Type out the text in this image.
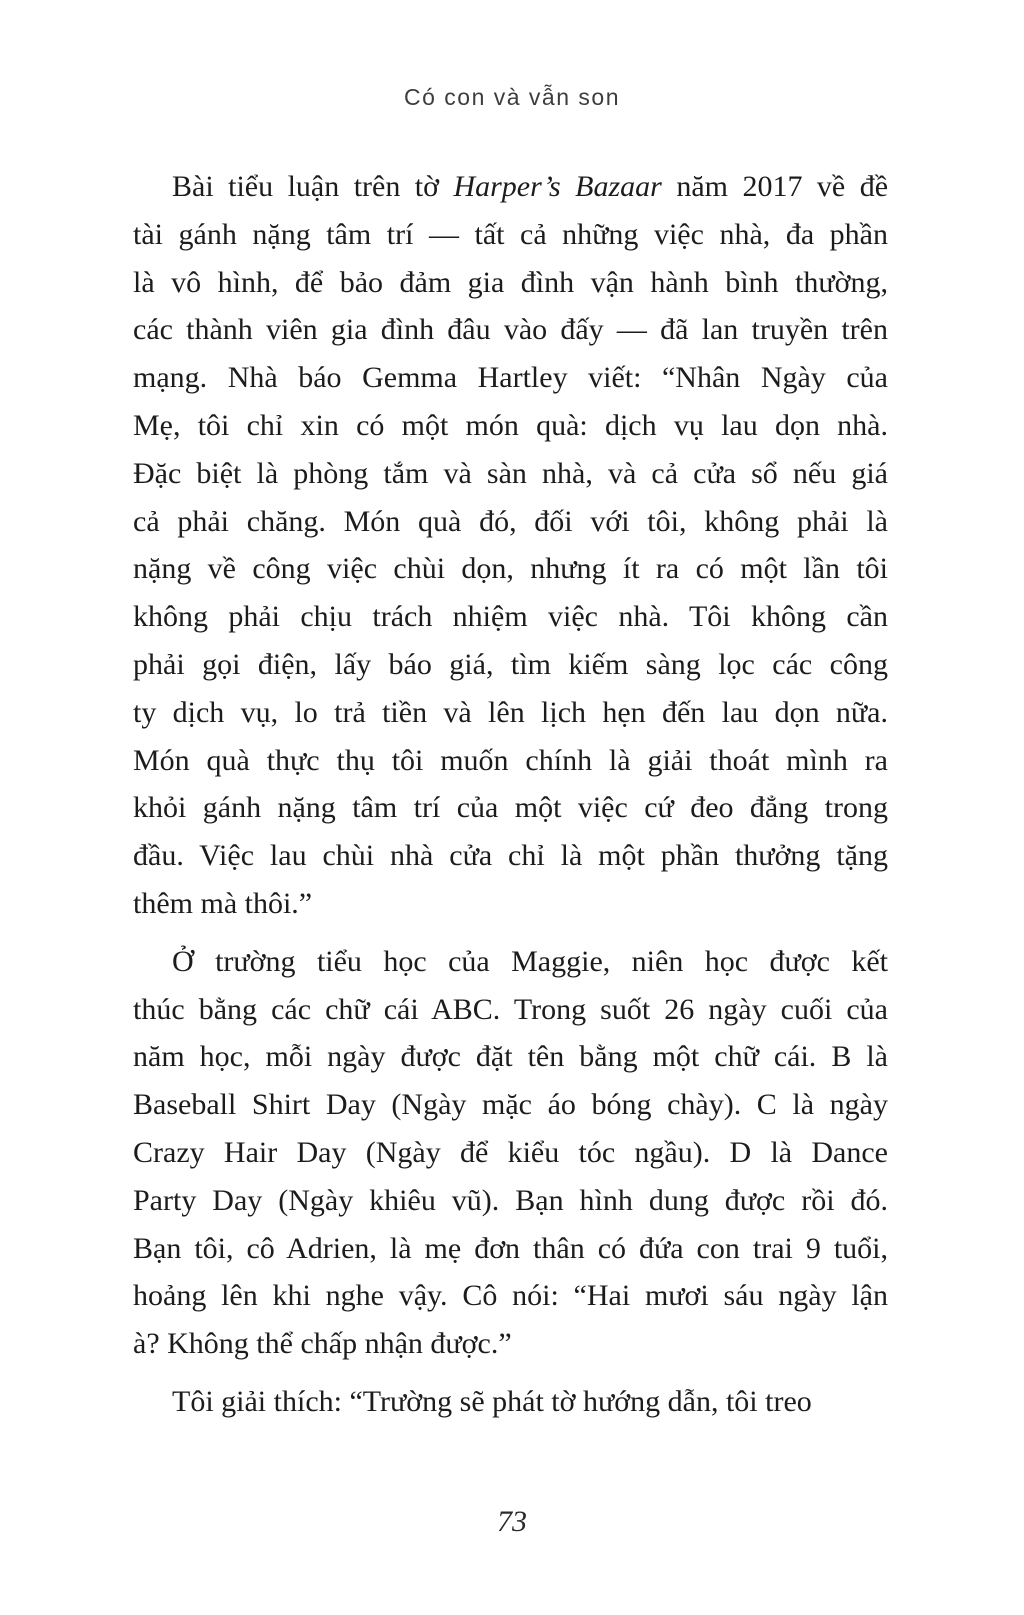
Có con và vẫn son
Bài tiểu luận trên tờ Harper’s Bazaar năm 2017 về đề
tài gánh nặng tâm trí — tất cả những việc nhà, đa phần
là vô hình, để bảo đảm gia đình vận hành bình thường,
các thành viên gia đình đâu vào đấy — đã lan truyền trên
mạng. Nhà báo Gemma Hartley viết: “Nhân Ngày của
Mẹ, tôi chỉ xin có một món quà: dịch vụ lau dọn nhà.
Đặc biệt là phòng tắm và sàn nhà, và cả cửa sổ nếu giá
cả phải chăng. Món quà đó, đối với tôi, không phải là
nặng về công việc chùi dọn, nhưng ít ra có một lần tôi
không phải chịu trách nhiệm việc nhà. Tôi không cần
phải gọi điện, lấy báo giá, tìm kiếm sàng lọc các công
ty dịch vụ, lo trả tiền và lên lịch hẹn đến lau dọn nữa.
Món quà thực thụ tôi muốn chính là giải thoát mình ra
khỏi gánh nặng tâm trí của một việc cứ đeo đẳng trong
đầu. Việc lau chùi nhà cửa chỉ là một phần thưởng tặng
thêm mà thôi.”
Ở trường tiểu học của Maggie, niên học được kết
thúc bằng các chữ cái ABC. Trong suốt 26 ngày cuối của
năm học, mỗi ngày được đặt tên bằng một chữ cái. B là
Baseball Shirt Day (Ngày mặc áo bóng chày). C là ngày
Crazy Hair Day (Ngày để kiểu tóc ngầu). D là Dance
Party Day (Ngày khiêu vũ). Bạn hình dung được rồi đó.
Bạn tôi, cô Adrien, là mẹ đơn thân có đứa con trai 9 tuổi,
hoảng lên khi nghe vậy. Cô nói: “Hai mươi sáu ngày lận
à? Không thể chấp nhận được.”
Tôi giải thích: “Trường sẽ phát tờ hướng dẫn, tôi treo
73
